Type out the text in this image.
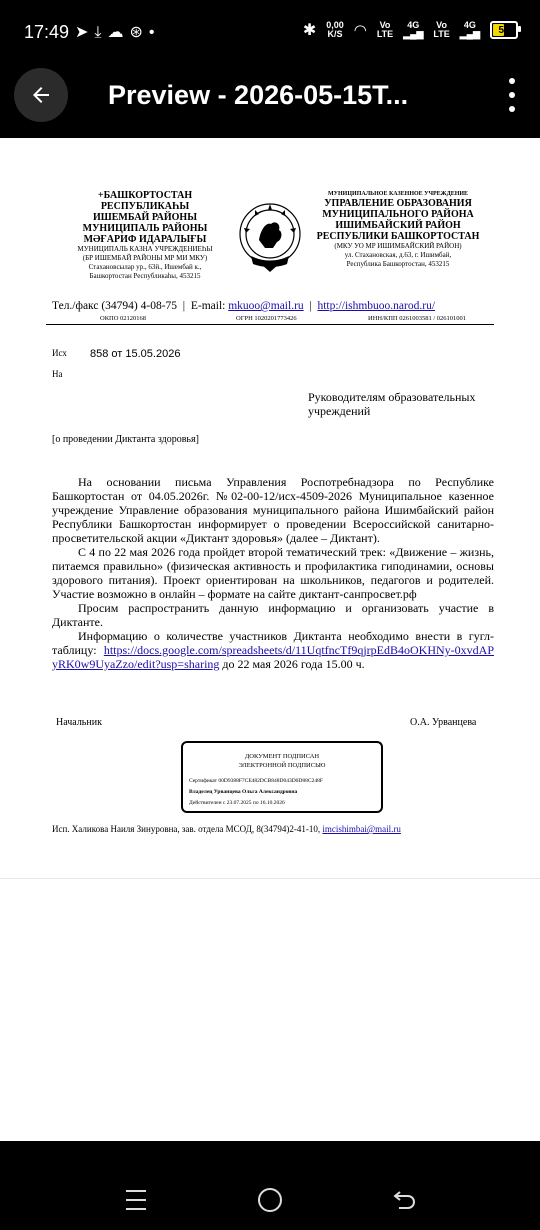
17:49 ➤⤓☁⊛•	✱ 0,00
K/S ◠	Vo
LTE
4G
▂▄▆
Vo
LTE
4G
▂▄▆ 51
Preview - 2026-05-15T...
+БАШКОРТОСТАН
РЕСПУБЛИКАҺЫ
ИШЕМБАЙ РАЙОНЫ
МУНИЦИПАЛЬ РАЙОНЫ
МӘҒАРИФ ИДАРАЛЫҒЫ
МУНИЦИПАЛЬ КАЗНА УЧРЕЖДЕНИЕҺЫ
(БР ИШЕМБАЙ РАЙОНЫ МР МИ МКУ)
Стахановсылар ур., 63й., Ишембай к.,
Башкортостан Республикаһы, 453215
МУНИЦИПАЛЬНОЕ КАЗЕННОЕ УЧРЕЖДЕНИЕ
УПРАВЛЕНИЕ ОБРАЗОВАНИЯ
МУНИЦИПАЛЬНОГО РАЙОНА
ИШИМБАЙСКИЙ РАЙОН
РЕСПУБЛИКИ БАШКОРТОСТАН
(МКУ УО МР ИШИМБАЙСКИЙ РАЙОН)
ул. Стахановская, д.63, г. Ишимбай,
Республика Башкортостан, 453215
Тел./факс (34794) 4-08-75 | E-mail: mkuoo@mail.ru | http://ishmbuoo.narod.ru/
ОКПО 02120168	ОГРН 1020201773426	ИНН/КПП 0261003581 / 026101001
Исх 858 от 15.05.2026
На
Руководителям образовательных учреждений
[о проведении Диктанта здоровья]

На основании письма Управления Роспотребнадзора по Республике Башкортостан от 04.05.2026г. №02-00-12/исх-4509-2026 Муниципальное казенное учреждение Управление образования муниципального района Ишимбайский район Республики Башкортостан информирует о проведении Всероссийской санитарно-просветительской акции «Диктант здоровья» (далее – Диктант).

С 4 по 22 мая 2026 года пройдет второй тематический трек: «Движение – жизнь, питаемся правильно» (физическая активность и профилактика гиподинамии, основы здорового питания). Проект ориентирован на школьников, педагогов и родителей. Участие возможно в онлайн – формате на сайте диктант-санпросвет.рф

Просим распространить данную информацию и организовать участие в Диктанте.

Информацию о количестве участников Диктанта необходимо внести в гугл-таблицу: https://docs.google.com/spreadsheets/d/11UqtfncTf9qjrpEdB4oOKHNy-0xvdAPyRK0w9UyaZzo/edit?usp=sharing до 22 мая 2026 года 15.00 ч.

Начальник	О.А. Урванцева
ДОКУМЕНТ ПОДПИСАН
ЭЛЕКТРОННОЙ ПОДПИСЬЮ
Сертификат 00D9388F7CE482DCB848D043D0D88C248F
Владелец Урванцева Ольга Александровна
Действителен с 23.07.2025 по 16.10.2026
Исп. Халикова Наиля Зинуровна, зав. отдела МСОД, 8(34794)2-41-10, imcishimbai@mail.ru
